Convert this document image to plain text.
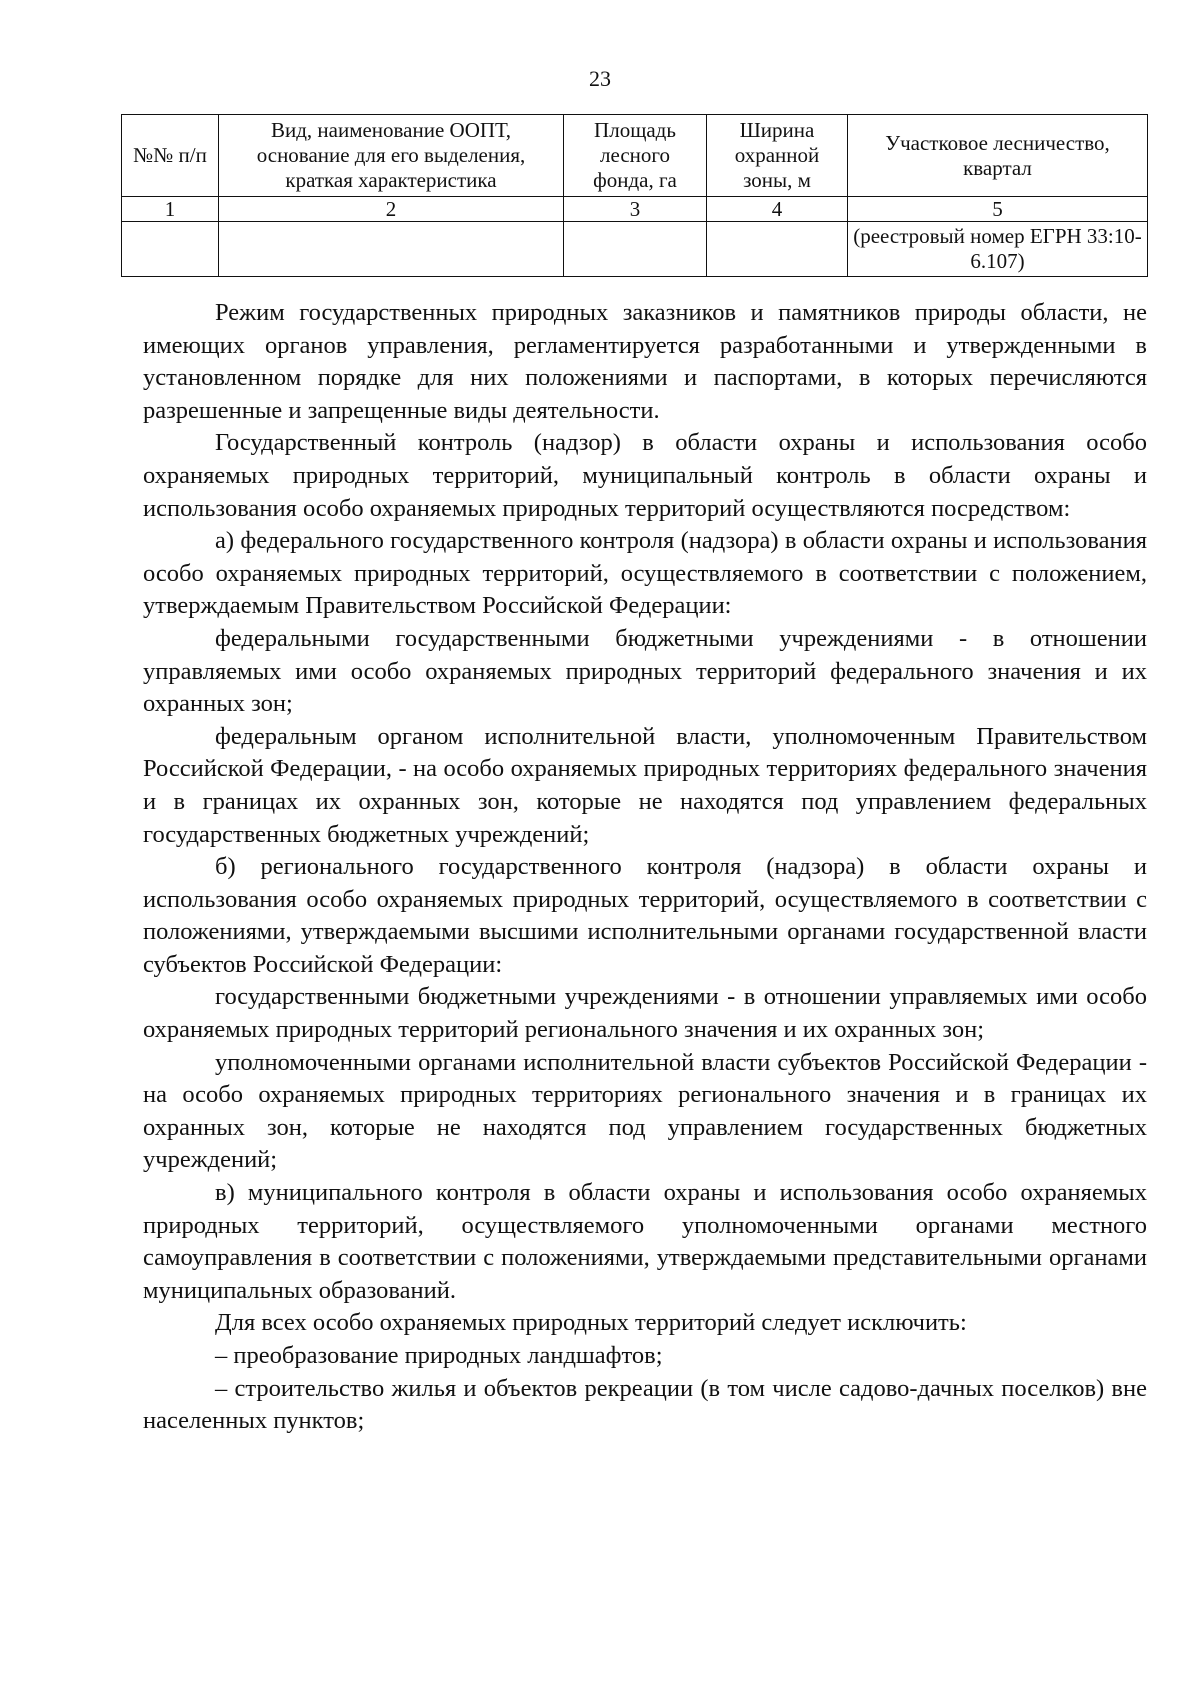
23
№№ п/п	Вид, наименование ООПТ, основание для его выделения, краткая характеристика	Площадь лесного фонда, га	Ширина охранной зоны, м	Участковое лесничество, квартал
1	2	3	4	5
				(реестровый номер ЕГРН 33:10-6.107)

Режим государственных природных заказников и памятников природы области, не имеющих органов управления, регламентируется разработанными и утвержденными в установленном порядке для них положениями и паспортами, в которых перечисляются разрешенные и запрещенные виды деятельности.

Государственный контроль (надзор) в области охраны и использования особо охраняемых природных территорий, муниципальный контроль в области охраны и использования особо охраняемых природных территорий осуществляются посредством:

а) федерального государственного контроля (надзора) в области охраны и использования особо охраняемых природных территорий, осуществляемого в соответствии с положением, утверждаемым Правительством Российской Федерации:

федеральными государственными бюджетными учреждениями - в отношении управляемых ими особо охраняемых природных территорий федерального значения и их охранных зон;

федеральным органом исполнительной власти, уполномоченным Правительством Российской Федерации, - на особо охраняемых природных территориях федерального значения и в границах их охранных зон, которые не находятся под управлением федеральных государственных бюджетных учреждений;

б) регионального государственного контроля (надзора) в области охраны и использования особо охраняемых природных территорий, осуществляемого в соответствии с положениями, утверждаемыми высшими исполнительными органами государственной власти субъектов Российской Федерации:

государственными бюджетными учреждениями - в отношении управляемых ими особо охраняемых природных территорий регионального значения и их охранных зон;

уполномоченными органами исполнительной власти субъектов Российской Федерации - на особо охраняемых природных территориях регионального значения и в границах их охранных зон, которые не находятся под управлением государственных бюджетных учреждений;

в) муниципального контроля в области охраны и использования особо охраняемых природных территорий, осуществляемого уполномоченными органами местного самоуправления в соответствии с положениями, утверждаемыми представительными органами муниципальных образований.

Для всех особо охраняемых природных территорий следует исключить:

– преобразование природных ландшафтов;

– строительство жилья и объектов рекреации (в том числе садово-дачных поселков) вне населенных пунктов;
